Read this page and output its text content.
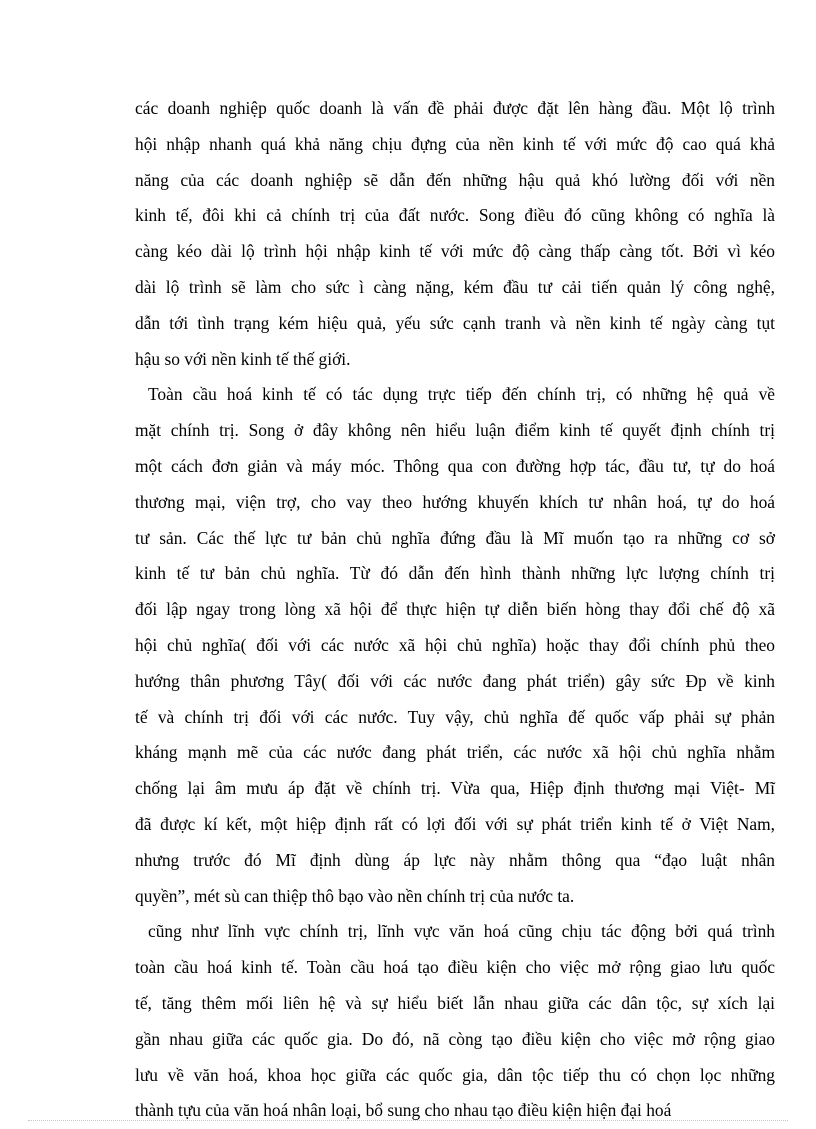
các doanh nghiệp quốc doanh là vấn đề phải được đặt lên hàng đầu. Một lộ trình
hội nhập nhanh quá khả năng chịu đựng của nền kinh tế với mức độ cao quá khả
năng của các doanh nghiệp sẽ dẫn đến những hậu quả khó lường đối với nền
kinh tế, đôi khi cả chính trị của đất nước. Song điều đó cũng không có nghĩa là
càng kéo dài lộ trình hội nhập kinh tế với mức độ càng thấp càng tốt. Bởi vì kéo
dài lộ trình sẽ làm cho sức ì càng nặng, kém đầu tư cải tiến quản lý công nghệ,
dẫn tới tình trạng kém hiệu quả, yếu sức cạnh tranh và nền kinh tế ngày càng tụt
hậu so với nền kinh tế thế giới.
Toàn cầu hoá kinh tế có tác dụng trực tiếp đến chính trị, có những hệ quả về
mặt chính trị. Song ở đây không nên hiểu luận điểm kinh tế quyết định chính trị
một cách đơn giản và máy móc. Thông qua con đường hợp tác, đầu tư, tự do hoá
thương mại, viện trợ, cho vay theo hướng khuyến khích tư nhân hoá, tự do hoá
tư sản. Các thế lực tư bản chủ nghĩa đứng đầu là Mĩ muốn tạo ra những cơ sở
kinh tế tư bản chủ nghĩa. Từ đó dẫn đến hình thành những lực lượng chính trị
đối lập ngay trong lòng xã hội để thực hiện tự diễn biến hòng thay đổi chế độ xã
hội chủ nghĩa( đối với các nước xã hội chủ nghĩa) hoặc thay đổi chính phủ theo
hướng thân phương Tây( đối với các nước đang phát triển) gây sức Ðp về kinh
tế và chính trị đối với các nước. Tuy vậy, chủ nghĩa đế quốc vấp phải sự phản
kháng mạnh mẽ của các nước đang phát triển, các nước xã hội chủ nghĩa nhằm
chống lại âm mưu áp đặt về chính trị. Vừa qua, Hiệp định thương mại Việt- Mĩ
đã được kí kết, một hiệp định rất có lợi đối với sự phát triển kinh tế ở Việt Nam,
nhưng trước đó Mĩ định dùng áp lực này nhằm thông qua “đạo luật nhân
quyền”, mét sù can thiệp thô bạo vào nền chính trị của nước ta.
cũng như lĩnh vực chính trị, lĩnh vực văn hoá cũng chịu tác động bởi quá trình
toàn cầu hoá kinh tế. Toàn cầu hoá tạo điều kiện cho việc mở rộng giao lưu quốc
tế, tăng thêm mối liên hệ và sự hiểu biết lẫn nhau giữa các dân tộc, sự xích lại
gần nhau giữa các quốc gia. Do đó, nã còng tạo điều kiện cho việc mở rộng giao
lưu về văn hoá, khoa học giữa các quốc gia, dân tộc tiếp thu có chọn lọc những
thành tựu của văn hoá nhân loại, bổ sung cho nhau tạo điều kiện hiện đại hoá
